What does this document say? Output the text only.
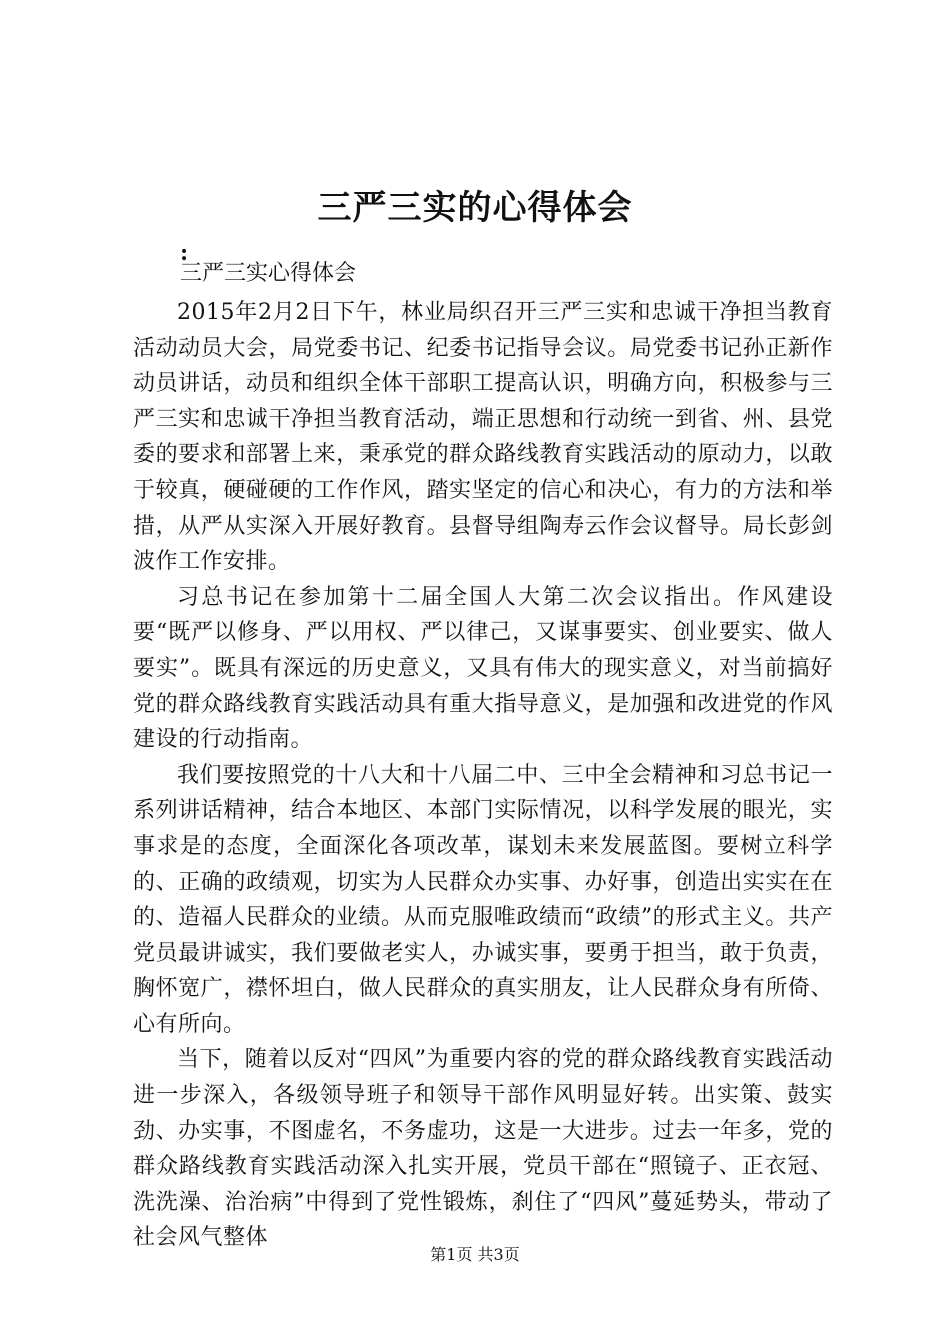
三严三实的心得体会
:
三严三实心得体会

2015年2月2日下午，林业局织召开三严三实和忠诚干净担当教育活动动员大会，局党委书记、纪委书记指导会议。局党委书记孙正新作动员讲话，动员和组织全体干部职工提高认识，明确方向，积极参与三严三实和忠诚干净担当教育活动，端正思想和行动统一到省、州、县党委的要求和部署上来，秉承党的群众路线教育实践活动的原动力，以敢于较真，硬碰硬的工作作风，踏实坚定的信心和决心，有力的方法和举措，从严从实深入开展好教育。县督导组陶寿云作会议督导。局长彭剑波作工作安排。

习总书记在参加第十二届全国人大第二次会议指出。作风建设要“既严以修身、严以用权、严以律己，又谋事要实、创业要实、做人要实”。既具有深远的历史意义，又具有伟大的现实意义，对当前搞好党的群众路线教育实践活动具有重大指导意义，是加强和改进党的作风建设的行动指南。

我们要按照党的十八大和十八届二中、三中全会精神和习总书记一系列讲话精神，结合本地区、本部门实际情况，以科学发展的眼光，实事求是的态度，全面深化各项改革，谋划未来发展蓝图。要树立科学的、正确的政绩观，切实为人民群众办实事、办好事，创造出实实在在的、造福人民群众的业绩。从而克服唯政绩而“政绩”的形式主义。共产党员最讲诚实，我们要做老实人，办诚实事，要勇于担当，敢于负责，胸怀宽广，襟怀坦白，做人民群众的真实朋友，让人民群众身有所倚、心有所向。

当下，随着以反对“四风”为重要内容的党的群众路线教育实践活动进一步深入，各级领导班子和领导干部作风明显好转。出实策、鼓实劲、办实事，不图虚名，不务虚功，这是一大进步。过去一年多，党的群众路线教育实践活动深入扎实开展，党员干部在“照镜子、正衣冠、洗洗澡、治治病”中得到了党性锻炼，刹住了“四风”蔓延势头，带动了社会风气整体

第1页 共3页
